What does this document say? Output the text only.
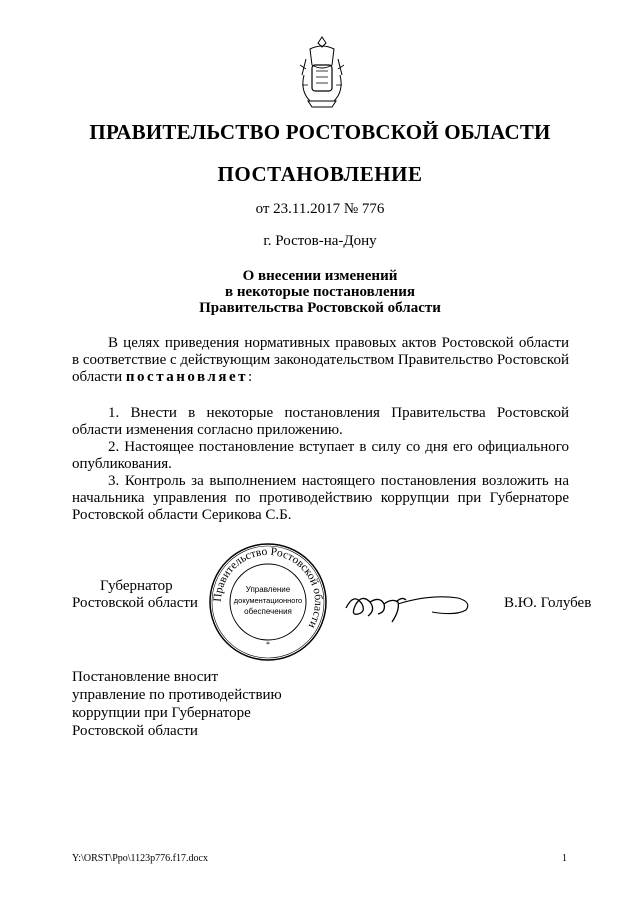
ПРАВИТЕЛЬСТВО РОСТОВСКОЙ ОБЛАСТИ
ПОСТАНОВЛЕНИЕ
от 23.11.2017 № 776
г. Ростов-на-Дону
О внесении изменений
в некоторые постановления
Правительства Ростовской области
В целях приведения нормативных правовых актов Ростовской области в соответствие с действующим законодательством Правительство Ростовской области постановляет:
1. Внести в некоторые постановления Правительства Ростовской области изменения согласно приложению.
2. Настоящее постановление вступает в силу со дня его официального опубликования.
3. Контроль за выполнением настоящего постановления возложить на начальника управления по противодействию коррупции при Губернаторе Ростовской области Серикова С.Б.
Губернатор
Ростовской области	Правительство Ростовской области
*
Управление
документационного
обеспечения
В.Ю. Голубев
Постановление вносит
управление по противодействию
коррупции при Губернаторе
Ростовской области
Y:\ORST\Ppo\1123p776.f17.docx	1
